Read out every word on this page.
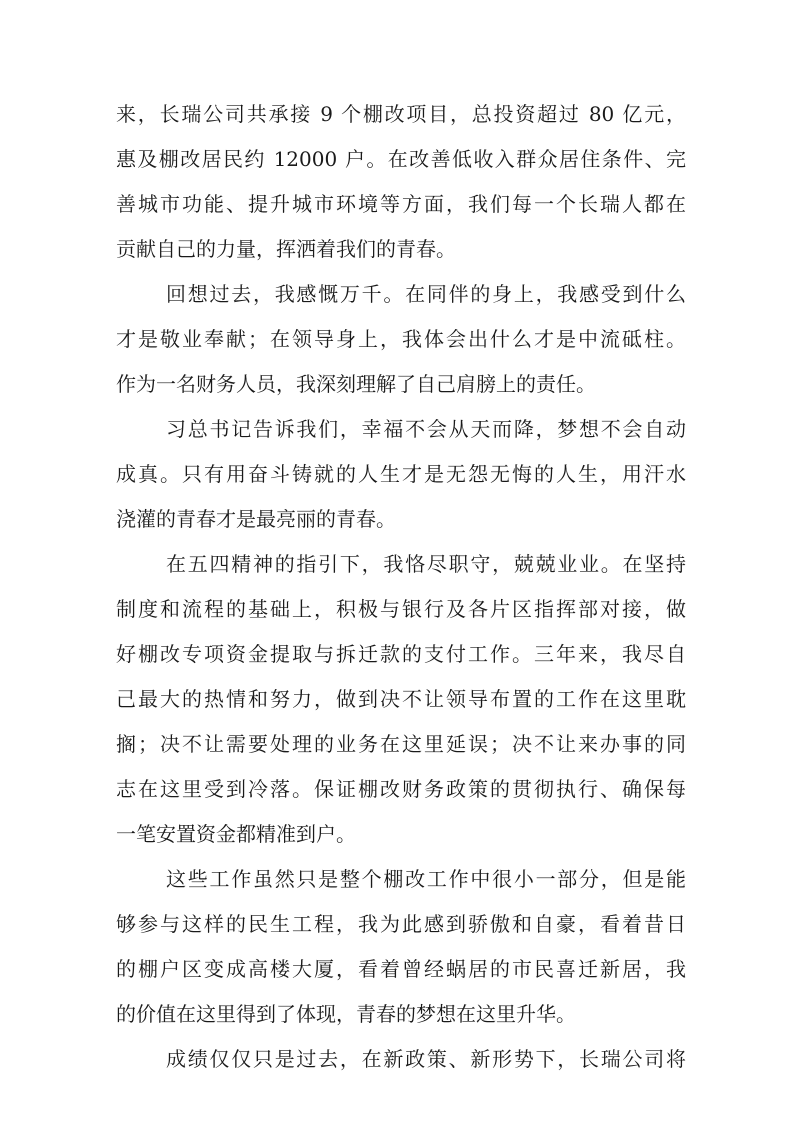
来，长瑞公司共承接 9 个棚改项目，总投资超过 80 亿元，
惠及棚改居民约 12000 户。在改善低收入群众居住条件、完
善城市功能、提升城市环境等方面，我们每一个长瑞人都在
贡献自己的力量，挥洒着我们的青春。
回想过去，我感慨万千。在同伴的身上，我感受到什么
才是敬业奉献；在领导身上，我体会出什么才是中流砥柱。
作为一名财务人员，我深刻理解了自己肩膀上的责任。
习总书记告诉我们，幸福不会从天而降，梦想不会自动
成真。只有用奋斗铸就的人生才是无怨无悔的人生，用汗水
浇灌的青春才是最亮丽的青春。
在五四精神的指引下，我恪尽职守，兢兢业业。在坚持
制度和流程的基础上，积极与银行及各片区指挥部对接，做
好棚改专项资金提取与拆迁款的支付工作。三年来，我尽自
己最大的热情和努力，做到决不让领导布置的工作在这里耽
搁；决不让需要处理的业务在这里延误；决不让来办事的同
志在这里受到冷落。保证棚改财务政策的贯彻执行、确保每
一笔安置资金都精准到户。
这些工作虽然只是整个棚改工作中很小一部分，但是能
够参与这样的民生工程，我为此感到骄傲和自豪，看着昔日
的棚户区变成高楼大厦，看着曾经蜗居的市民喜迁新居，我
的价值在这里得到了体现，青春的梦想在这里升华。
成绩仅仅只是过去，在新政策、新形势下，长瑞公司将
